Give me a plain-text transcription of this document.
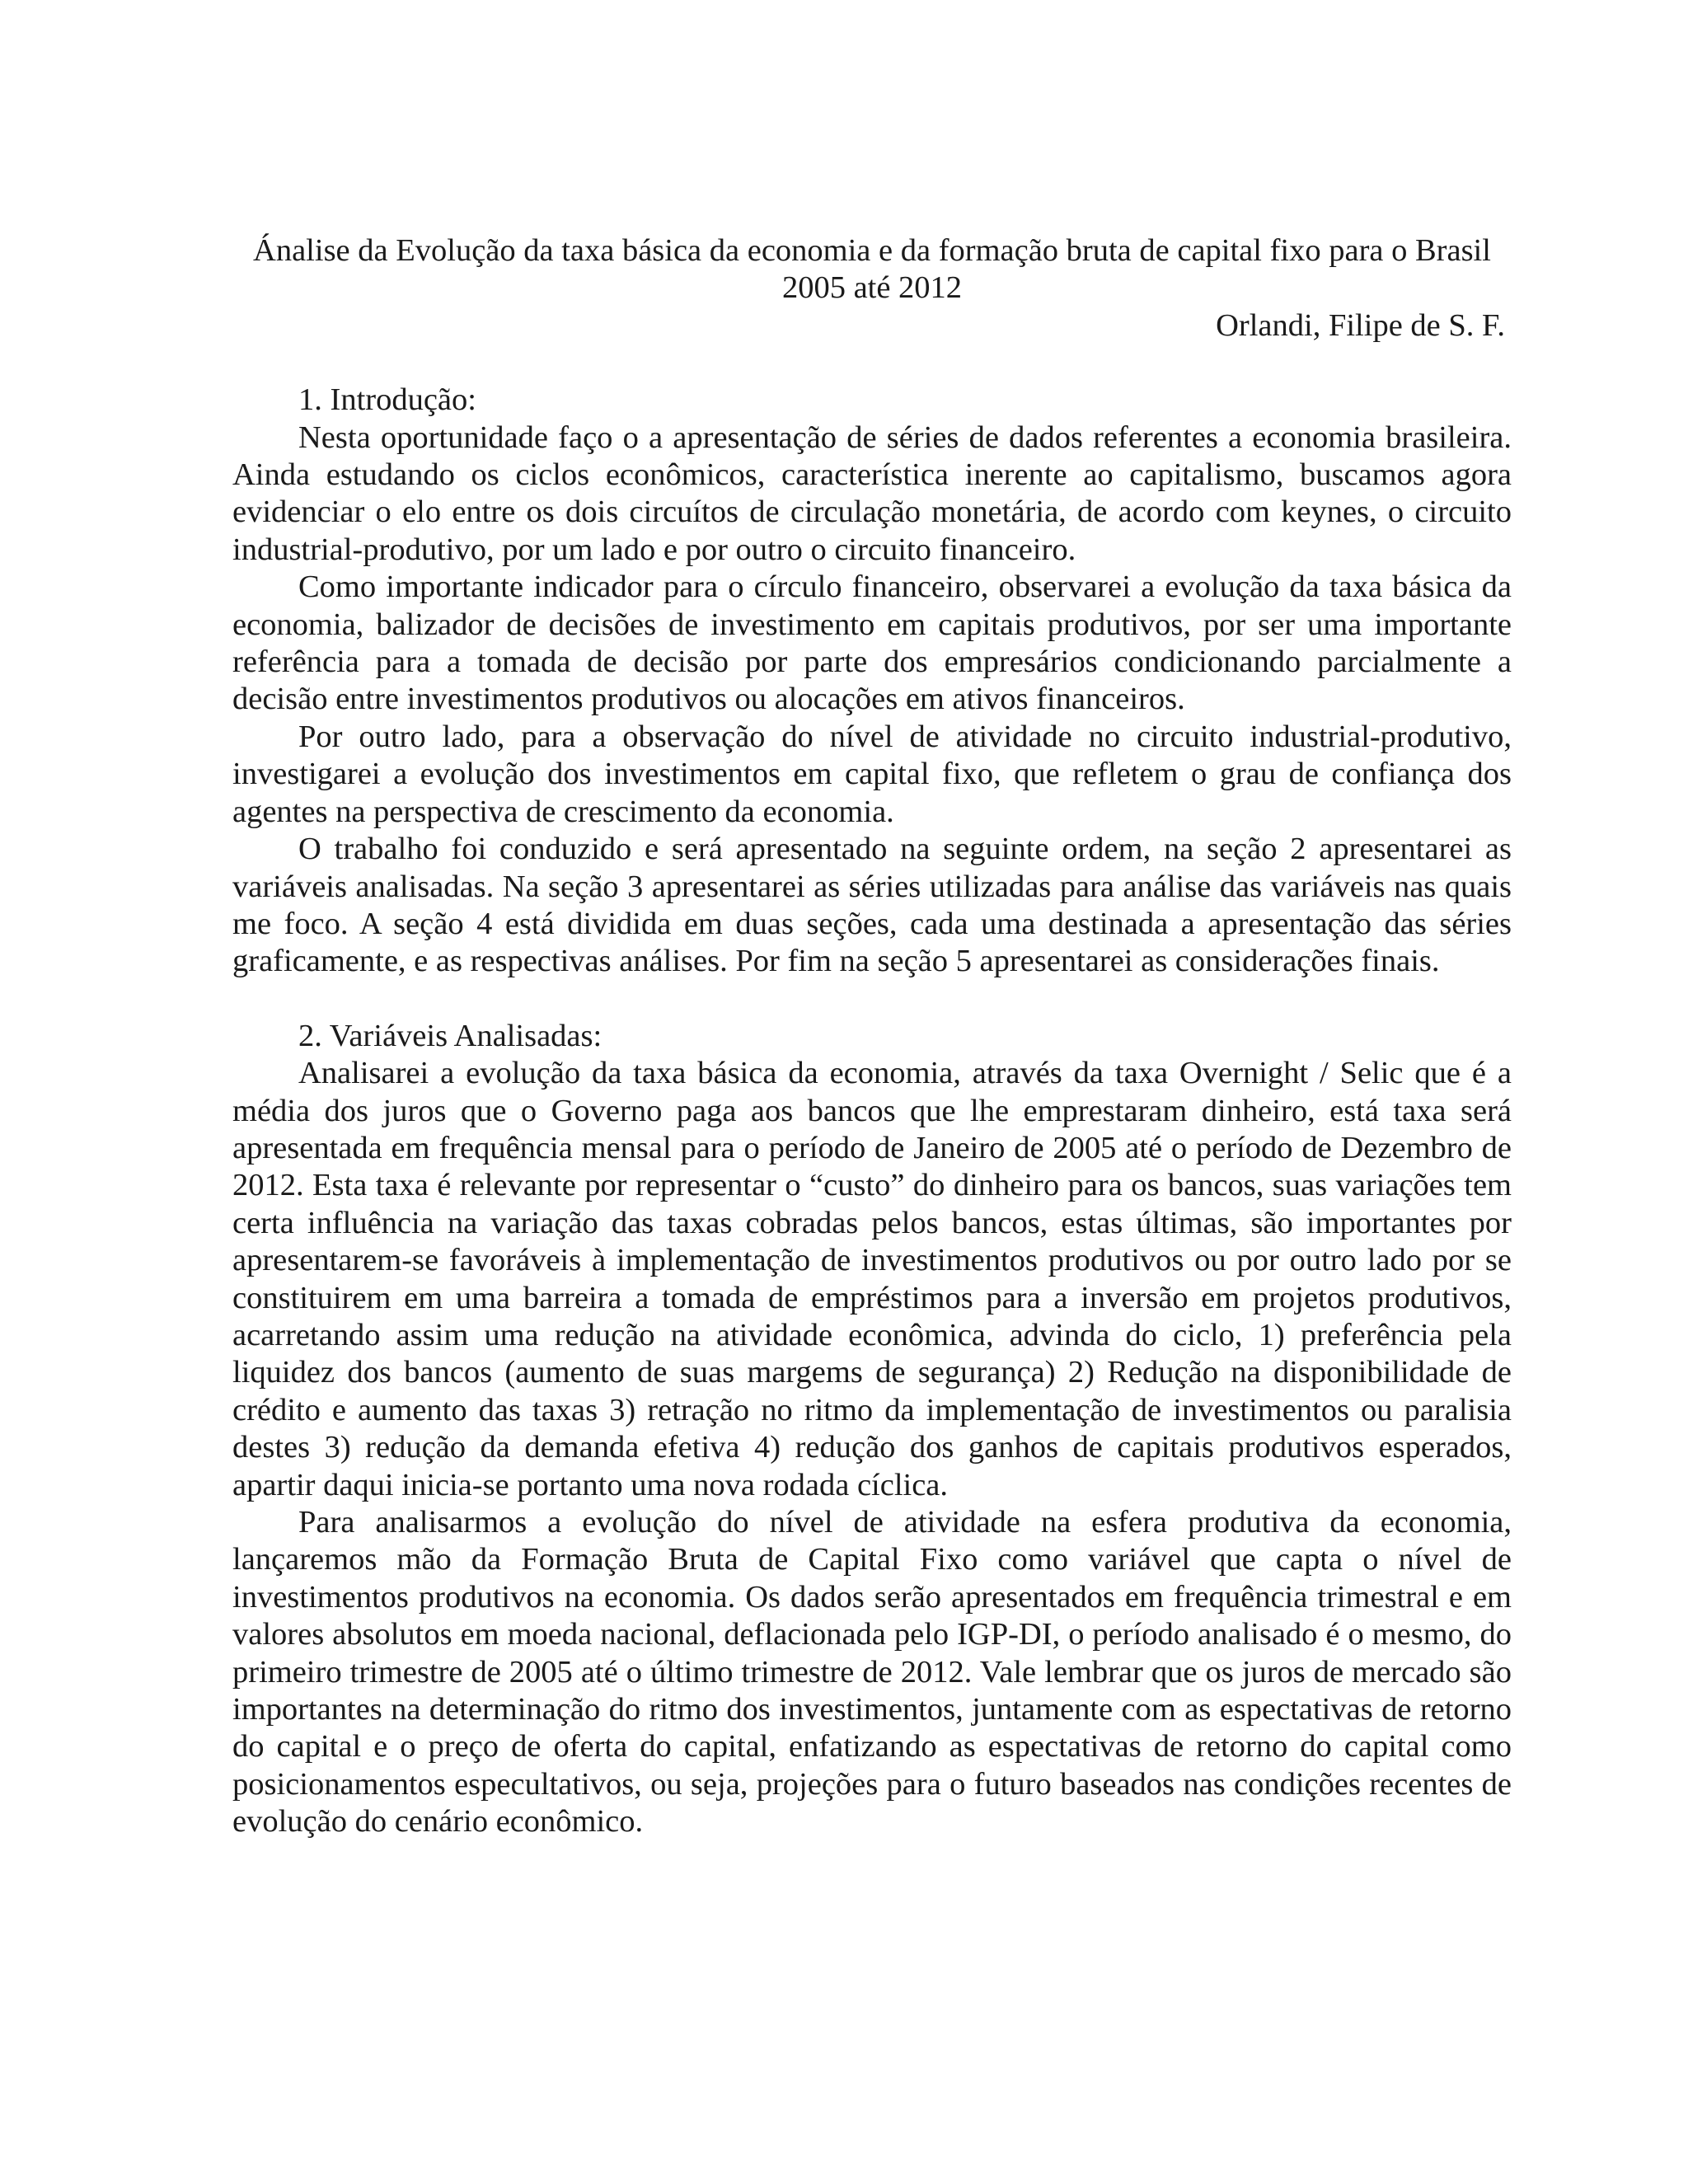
Ánalise da Evolução da taxa básica da economia e da formação bruta de capital fixo para o Brasil
2005 até 2012

Orlandi, Filipe de S. F.

1. Introdução:

Nesta oportunidade faço o a apresentação de séries de dados referentes a economia brasileira. Ainda estudando os ciclos econômicos, característica inerente ao capitalismo, buscamos agora evidenciar o elo entre os dois circuítos de circulação monetária, de acordo com keynes, o circuito industrial-produtivo, por um lado e por outro o circuito financeiro.

Como importante indicador para o círculo financeiro, observarei a evolução da taxa básica da economia, balizador de decisões de investimento em capitais produtivos, por ser uma importante referência para a tomada de decisão por parte dos empresários condicionando parcialmente a decisão entre investimentos produtivos ou alocações em ativos financeiros.

Por outro lado, para a observação do nível de atividade no circuito industrial-produtivo, investigarei a evolução dos investimentos em capital fixo, que refletem o grau de confiança dos agentes na perspectiva de crescimento da economia.

O trabalho foi conduzido e será apresentado na seguinte ordem, na seção 2 apresentarei as variáveis analisadas. Na seção 3 apresentarei as séries utilizadas para análise das variáveis nas quais me foco. A seção 4 está dividida em duas seções, cada uma destinada a apresentação das séries graficamente, e as respectivas análises. Por fim na seção 5 apresentarei as considerações finais.

2. Variáveis Analisadas:

Analisarei a evolução da taxa básica da economia, através da taxa Overnight / Selic que é a média dos juros que o Governo paga aos bancos que lhe emprestaram dinheiro, está taxa será apresentada em frequência mensal para o período de Janeiro de 2005 até o período de Dezembro de 2012. Esta taxa é relevante por representar o “custo” do dinheiro para os bancos, suas variações tem certa influência na variação das taxas cobradas pelos bancos, estas últimas, são importantes por apresentarem-se favoráveis à implementação de investimentos produtivos ou por outro lado por se constituirem em uma barreira a tomada de empréstimos para a inversão em projetos produtivos, acarretando assim uma redução na atividade econômica, advinda do ciclo, 1) preferência pela liquidez dos bancos (aumento de suas margems de segurança) 2) Redução na disponibilidade de crédito e aumento das taxas 3) retração no ritmo da implementação de investimentos ou paralisia destes 3) redução da demanda efetiva 4) redução dos ganhos de capitais produtivos esperados, apartir daqui inicia-se portanto uma nova rodada cíclica.

Para analisarmos a evolução do nível de atividade na esfera produtiva da economia, lançaremos mão da Formação Bruta de Capital Fixo como variável que capta o nível de investimentos produtivos na economia. Os dados serão apresentados em frequência trimestral e em valores absolutos em moeda nacional, deflacionada pelo IGP-DI, o período analisado é o mesmo, do primeiro trimestre de 2005 até o último trimestre de 2012. Vale lembrar que os juros de mercado são importantes na determinação do ritmo dos investimentos, juntamente com as espectativas de retorno do capital e o preço de oferta do capital, enfatizando as espectativas de retorno do capital como posicionamentos especultativos, ou seja, projeções para o futuro baseados nas condições recentes de evolução do cenário econômico.
